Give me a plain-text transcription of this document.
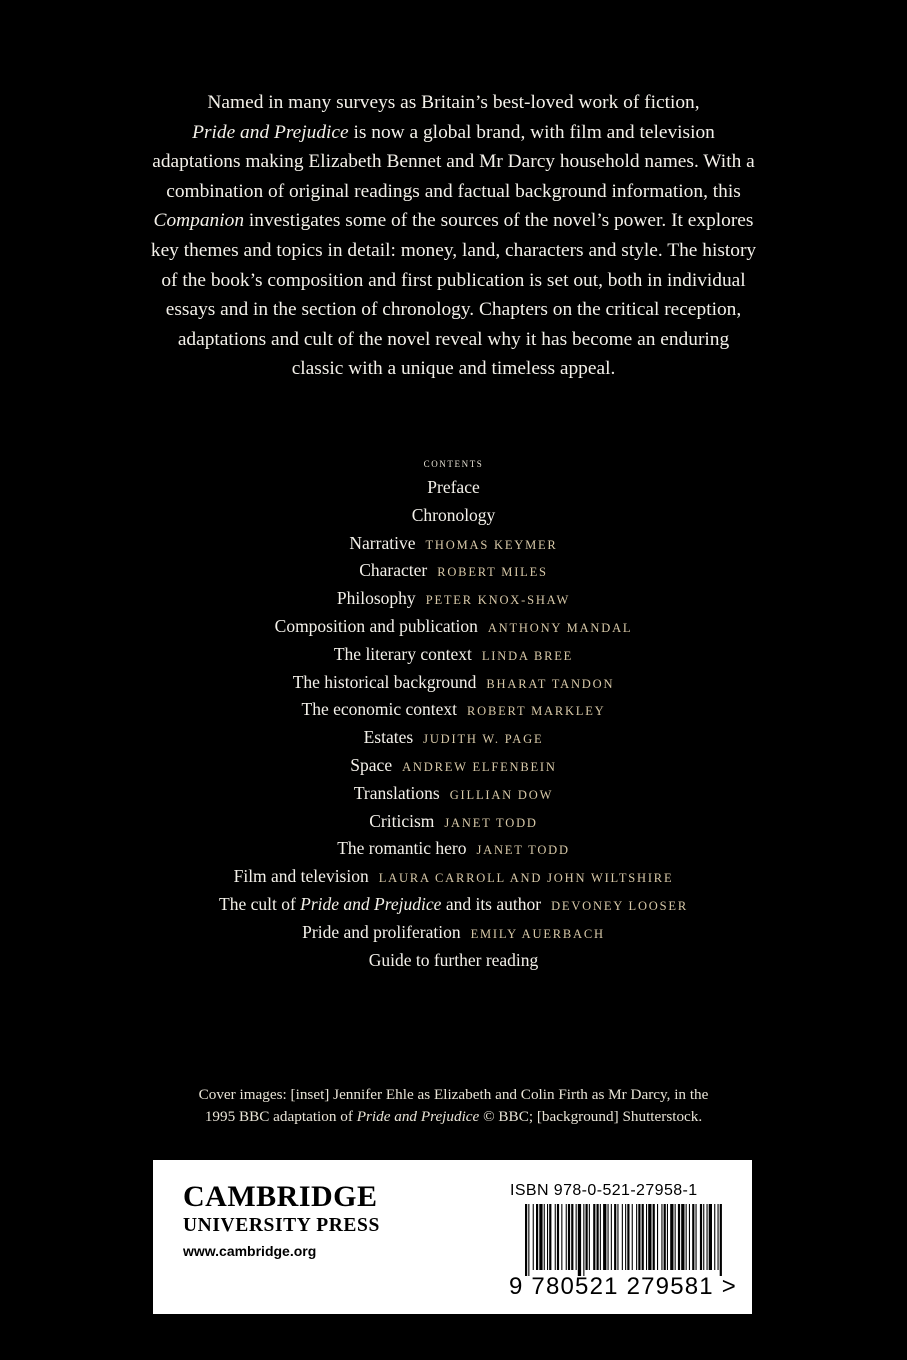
Named in many surveys as Britain’s best-loved work of fiction,
Pride and Prejudice is now a global brand, with film and television adaptations making Elizabeth Bennet and Mr Darcy household names. With a combination of original readings and factual background information, this Companion investigates some of the sources of the novel’s power. It explores key themes and topics in detail: money, land, characters and style. The history of the book’s composition and first publication is set out, both in individual essays and in the section of chronology. Chapters on the critical reception, adaptations and cult of the novel reveal why it has become an enduring classic with a unique and timeless appeal.
contents
Preface
Chronology
Narrative THOMAS KEYMER
Character ROBERT MILES
Philosophy PETER KNOX-SHAW
Composition and publication ANTHONY MANDAL
The literary context LINDA BREE
The historical background BHARAT TANDON
The economic context ROBERT MARKLEY
Estates JUDITH W. PAGE
Space ANDREW ELFENBEIN
Translations GILLIAN DOW
Criticism JANET TODD
The romantic hero JANET TODD
Film and television LAURA CARROLL AND JOHN WILTSHIRE
The cult of Pride and Prejudice and its author DEVONEY LOOSER
Pride and proliferation EMILY AUERBACH
Guide to further reading
Cover images: [inset] Jennifer Ehle as Elizabeth and Colin Firth as Mr Darcy, in the
1995 BBC adaptation of Pride and Prejudice © BBC; [background] Shutterstock.
CAMBRIDGE
UNIVERSITY PRESS
www.cambridge.org
ISBN 978-0-521-27958-1
9 780521 279581 >
